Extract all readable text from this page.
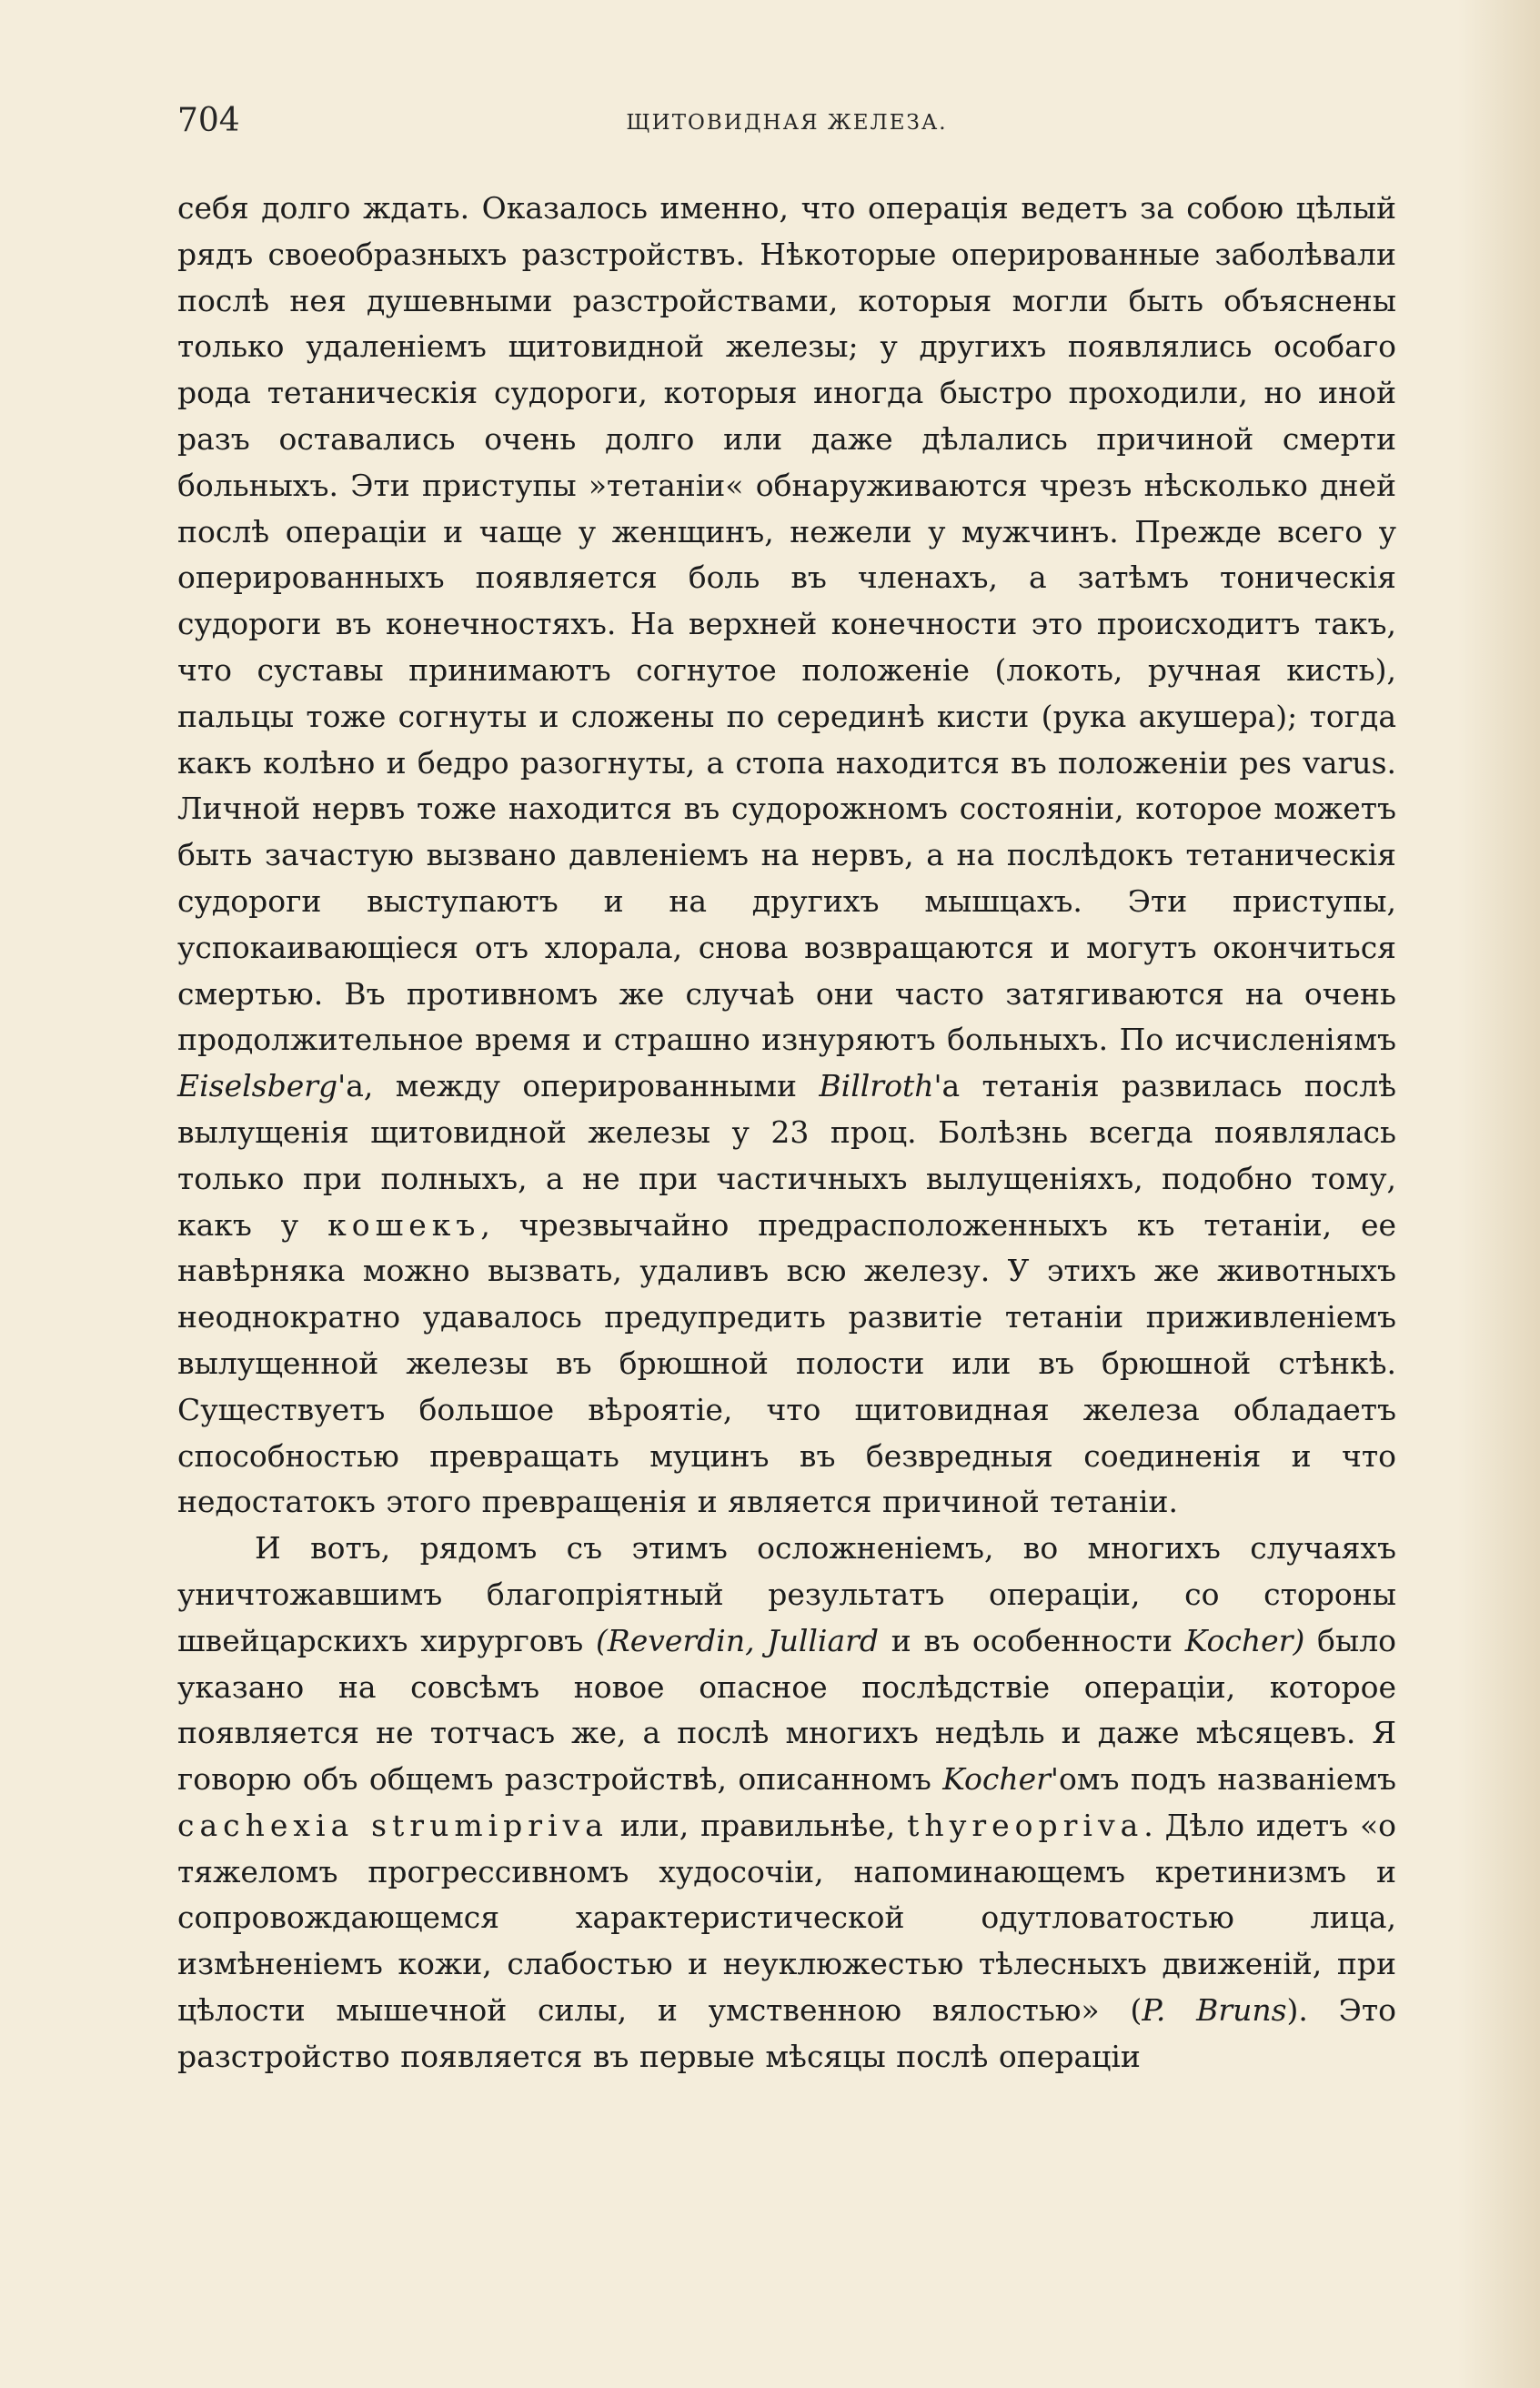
704	ЩИТОВИДНАЯ ЖЕЛЕЗА.

себя долго ждать. Оказалось именно, что операція ведетъ за собою цѣлый рядъ своеобразныхъ разстройствъ. Нѣкоторые оперированные заболѣвали послѣ нея душевными разстройствами, которыя могли быть объяснены только удаленіемъ щитовидной железы; у другихъ появлялись особаго рода тетаническія судороги, которыя иногда быстро проходили, но иной разъ оставались очень долго или даже дѣлались причиной смерти больныхъ. Эти приступы »тетаніи« обнаруживаются чрезъ нѣсколько дней послѣ операціи и чаще у женщинъ, нежели у мужчинъ. Прежде всего у оперированныхъ появляется боль въ членахъ, а затѣмъ тоническія судороги въ конечностяхъ. На верхней конечности это происходитъ такъ, что суставы принимаютъ согнутое положеніе (локоть, ручная кисть), пальцы тоже согнуты и сложены по серединѣ кисти (рука акушера); тогда какъ колѣно и бедро разогнуты, а стопа находится въ положеніи pes varus. Личной нервъ тоже находится въ судорожномъ состояніи, которое можетъ быть зачастую вызвано давленіемъ на нервъ, а на послѣдокъ тетаническія судороги выступаютъ и на другихъ мышцахъ. Эти приступы, успокаивающіеся отъ хлорала, снова возвращаются и могутъ окончиться смертью. Въ противномъ же случаѣ они часто затягиваются на очень продолжительное время и страшно изнуряютъ больныхъ. По исчисленіямъ Eiselsberg'а, между оперированными Billroth'а тетанія развилась послѣ вылущенія щитовидной железы у 23 проц. Болѣзнь всегда появлялась только при полныхъ, а не при частичныхъ вылущеніяхъ, подобно тому, какъ у кошекъ, чрезвычайно предрасположенныхъ къ тетаніи, ее навѣрняка можно вызвать, удаливъ всю железу. У этихъ же животныхъ неоднократно удавалось предупредить развитіе тетаніи приживленіемъ вылущенной железы въ брюшной полости или въ брюшной стѣнкѣ. Существуетъ большое вѣроятіе, что щитовидная железа обладаетъ способностью превращать муцинъ въ безвредныя соединенія и что недостатокъ этого превращенія и является причиной тетаніи.

И вотъ, рядомъ съ этимъ осложненіемъ, во многихъ случаяхъ уничтожавшимъ благопріятный результатъ операціи, со стороны швейцарскихъ хирурговъ (Reverdin, Julliard и въ особенности Kocher) было указано на совсѣмъ новое опасное послѣдствіе операціи, которое появляется не тотчасъ же, а послѣ многихъ недѣль и даже мѣсяцевъ. Я говорю объ общемъ разстройствѣ, описанномъ Kocher'омъ подъ названіемъ cachexia strumipriva или, правильнѣе, thyreopriva. Дѣло идетъ «о тяжеломъ прогрессивномъ худосочіи, напоминающемъ кретинизмъ и сопровождающемся характеристической одутловатостью лица, измѣненіемъ кожи, слабостью и неуклюжестью тѣлесныхъ движеній, при цѣлости мышечной силы, и умственною вялостью» (P. Bruns). Это разстройство появляется въ первые мѣсяцы послѣ операціи
